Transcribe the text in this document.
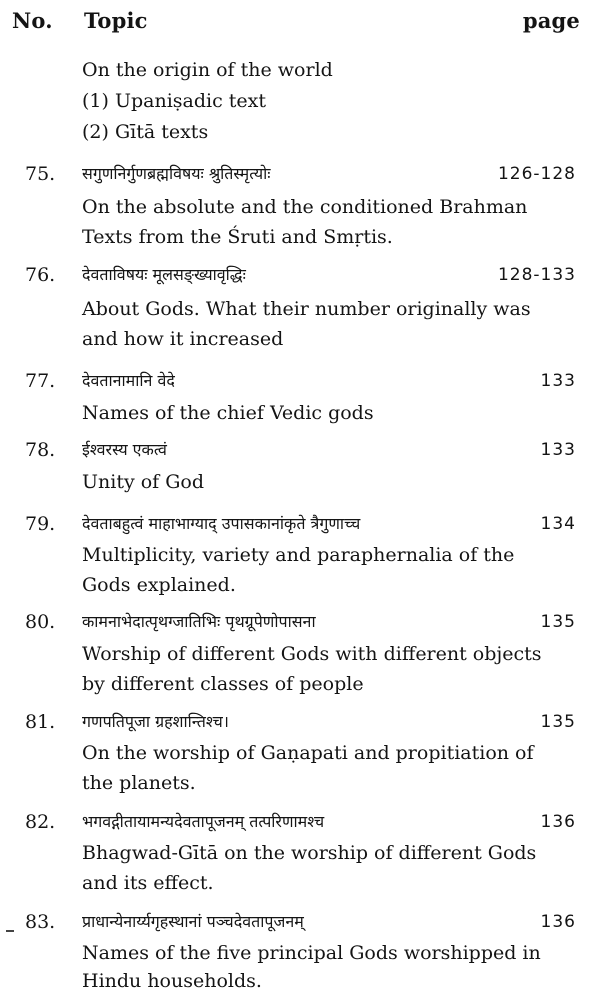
No. Topic	page
On the origin of the world
(1) Upaniṣadic text
(2) Gītā texts
75. सगुणनिर्गुणब्रह्मविषयः श्रुतिस्मृत्योः	126-128
On the absolute and the conditioned Brahman
Texts from the Śruti and Smṛtis.
76. देवताविषयः मूलसङ्ख्यावृद्धिः	128-133
About Gods. What their number originally was
and how it increased
77. देवतानामानि वेदे	133
Names of the chief Vedic gods
78. ईश्वरस्य एकत्वं	133
Unity of God
79. देवताबहुत्वं माहाभाग्याद् उपासकानांकृते त्रैगुणाच्च	134
Multiplicity, variety and paraphernalia of the
Gods explained.
80. कामनाभेदात्पृथग्जातिभिः पृथग्रूपेणोपासना	135
Worship of different Gods with different objects
by different classes of people
81. गणपतिपूजा ग्रहशान्तिश्च।	135
On the worship of Gaṇapati and propitiation of
the planets.
82. भगवद्गीतायामन्यदेवतापूजनम् तत्परिणामश्च	136
Bhagwad-Gītā on the worship of different Gods
and its effect.
83. प्राधान्येनार्य्यगृहस्थानां पञ्चदेवतापूजनम्	136
Names of the five principal Gods worshipped in
Hindu households.
